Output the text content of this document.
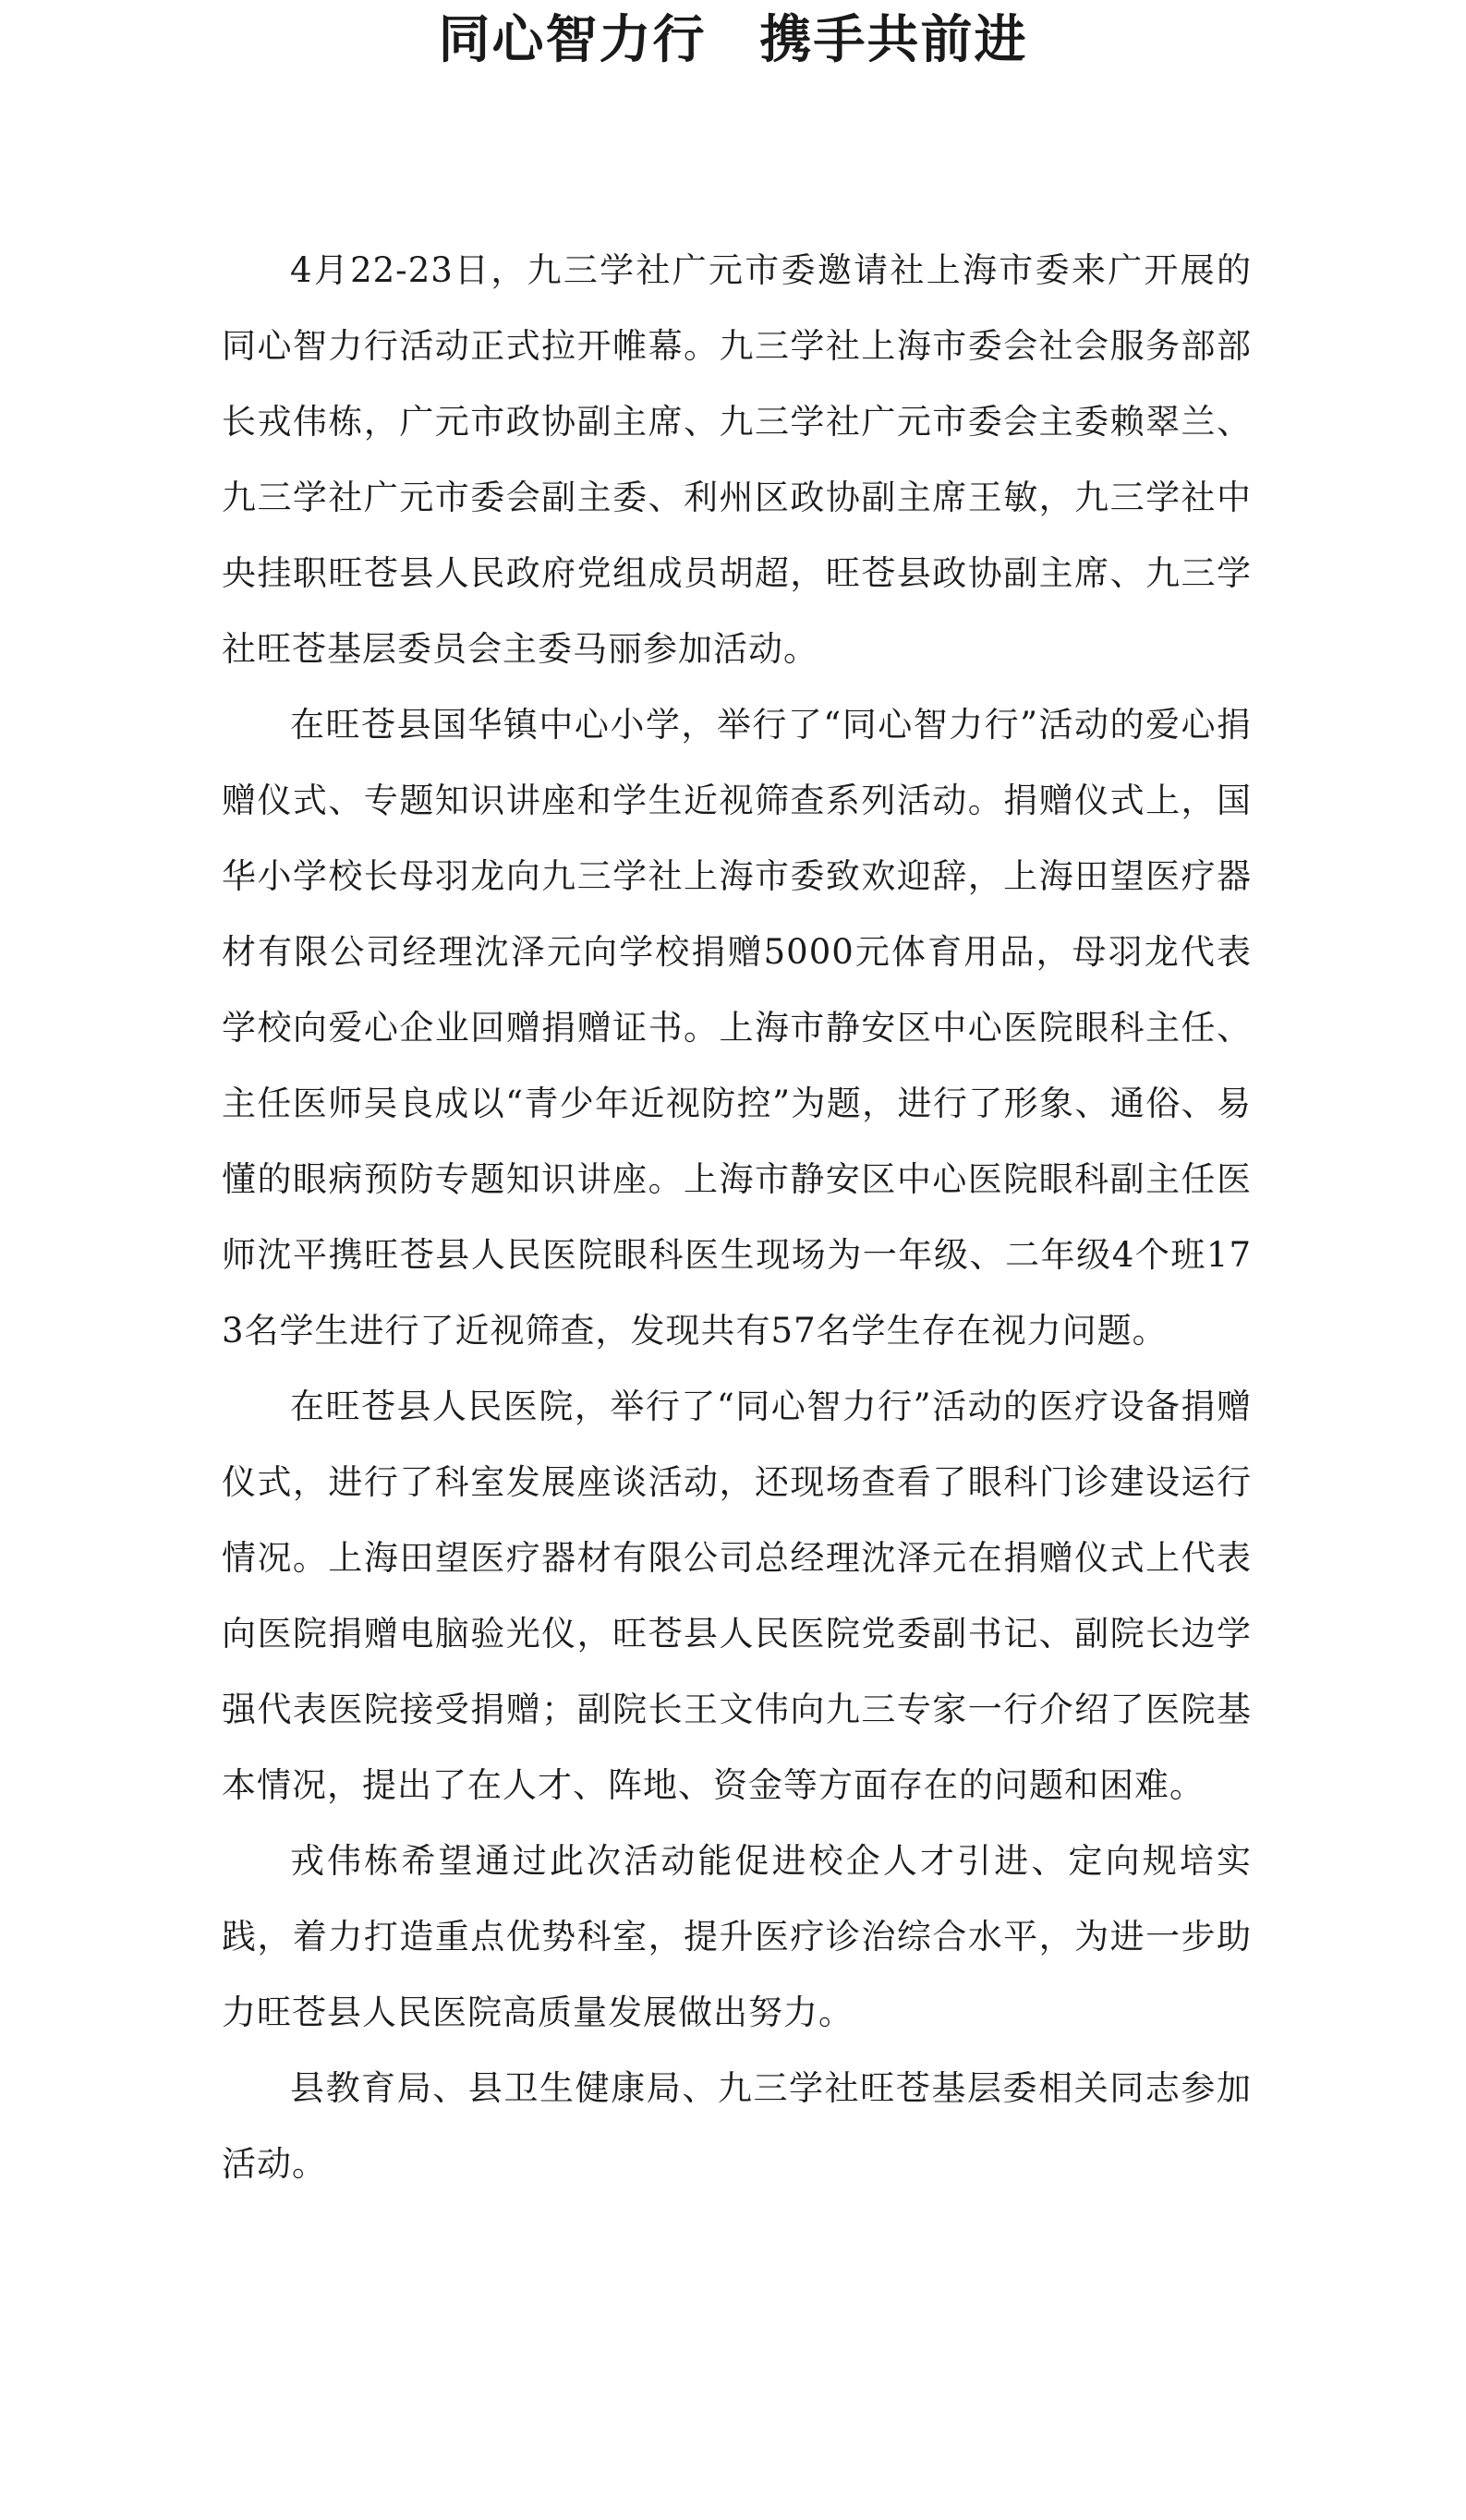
同心智力行　携手共前进

4月22-23日，九三学社广元市委邀请社上海市委来广开展的同心智力行活动正式拉开帷幕。九三学社上海市委会社会服务部部长戎伟栋，广元市政协副主席、九三学社广元市委会主委赖翠兰、九三学社广元市委会副主委、利州区政协副主席王敏，九三学社中央挂职旺苍县人民政府党组成员胡超，旺苍县政协副主席、九三学社旺苍基层委员会主委马丽参加活动。

在旺苍县国华镇中心小学，举行了“同心智力行”活动的爱心捐赠仪式、专题知识讲座和学生近视筛查系列活动。捐赠仪式上，国华小学校长母羽龙向九三学社上海市委致欢迎辞，上海田望医疗器材有限公司经理沈泽元向学校捐赠5000元体育用品，母羽龙代表学校向爱心企业回赠捐赠证书。上海市静安区中心医院眼科主任、主任医师吴良成以“青少年近视防控”为题，进行了形象、通俗、易懂的眼病预防专题知识讲座。上海市静安区中心医院眼科副主任医师沈平携旺苍县人民医院眼科医生现场为一年级、二年级4个班173名学生进行了近视筛查，发现共有57名学生存在视力问题。

在旺苍县人民医院，举行了“同心智力行”活动的医疗设备捐赠仪式，进行了科室发展座谈活动，还现场查看了眼科门诊建设运行情况。上海田望医疗器材有限公司总经理沈泽元在捐赠仪式上代表向医院捐赠电脑验光仪，旺苍县人民医院党委副书记、副院长边学强代表医院接受捐赠；副院长王文伟向九三专家一行介绍了医院基本情况，提出了在人才、阵地、资金等方面存在的问题和困难。

戎伟栋希望通过此次活动能促进校企人才引进、定向规培实践，着力打造重点优势科室，提升医疗诊治综合水平，为进一步助力旺苍县人民医院高质量发展做出努力。

县教育局、县卫生健康局、九三学社旺苍基层委相关同志参加活动。
